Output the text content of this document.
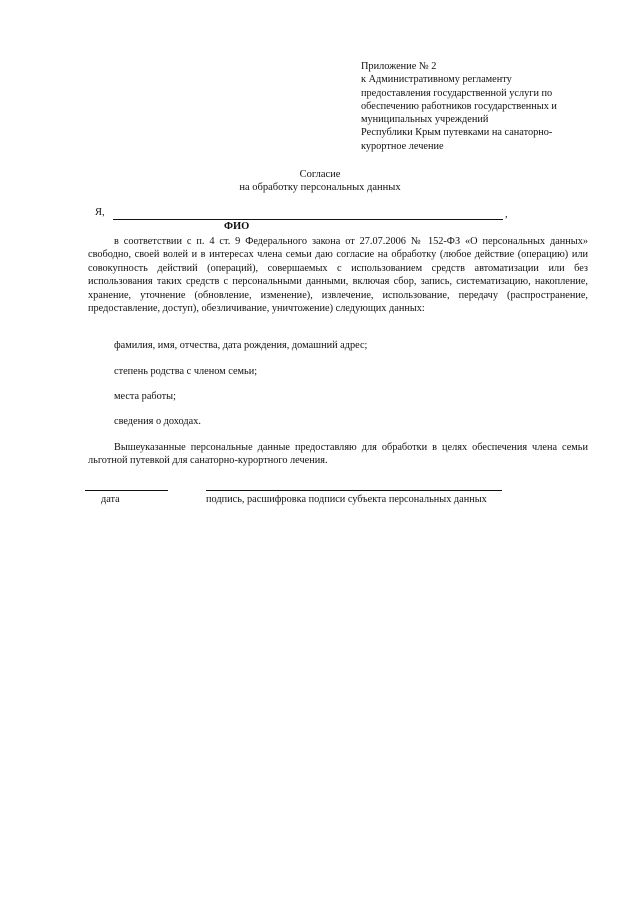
Приложение № 2
к Административному регламенту
предоставления государственной услуги по
обеспечению работников государственных и
муниципальных учреждений
Республики Крым путевками на санаторно-
курортное лечение
Согласие
на обработку персональных данных
Я,	,
ФИО
в соответствии с п. 4 ст. 9 Федерального закона от 27.07.2006 № 152-ФЗ «О персональных данных» свободно, своей волей и в интересах члена семьи даю согласие на обработку (любое действие (операцию) или совокупность действий (операций), совершаемых с использованием средств автоматизации или без использования таких средств с персональными данными, включая сбор, запись, систематизацию, накопление, хранение, уточнение (обновление, изменение), извлечение, использование, передачу (распространение, предоставление, доступ), обезличивание, уничтожение) следующих данных:
фамилия, имя, отчества, дата рождения, домашний адрес;
степень родства с членом семьи;
места работы;
сведения о доходах.
Вышеуказанные персональные данные предоставляю для обработки в целях обеспечения члена семьи льготной путевкой для санаторно-курортного лечения.
дата	подпись, расшифровка подписи субъекта персональных данных
